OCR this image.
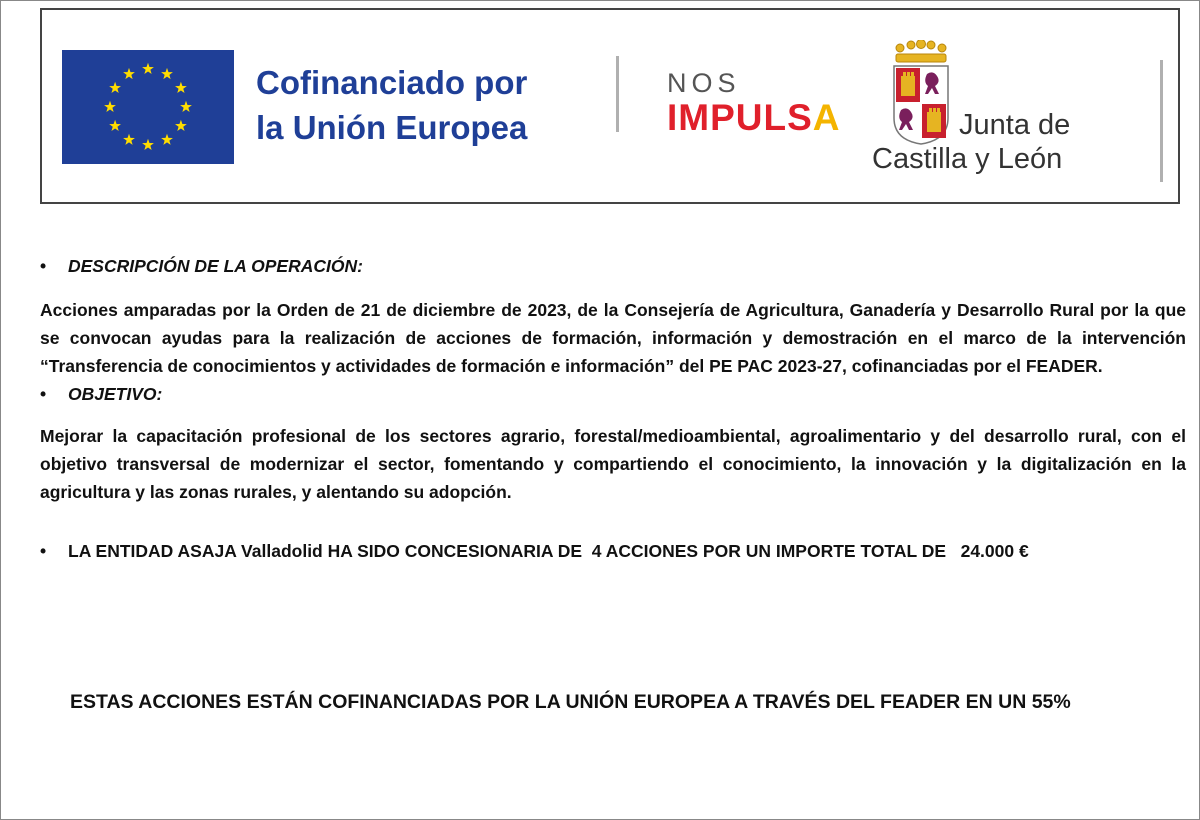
Cofinanciado por
la Unión Europea
NOS
IMPULSA	Junta de
Castilla y León
•	DESCRIPCIÓN DE LA OPERACIÓN:

Acciones amparadas por la Orden de 21 de diciembre de 2023, de la Consejería de Agricultura, Ganadería y Desarrollo Rural por la que se convocan ayudas para la realización de acciones de formación, información y demostración en el marco de la intervención “Transferencia de conocimientos y actividades de formación e información” del PE PAC 2023-27, cofinanciadas por el FEADER.

•	OBJETIVO:

Mejorar la capacitación profesional de los sectores agrario, forestal/medioambiental, agroalimentario y del desarrollo rural, con el objetivo transversal de modernizar el sector, fomentando y compartiendo el conocimiento, la innovación y la digitalización en la agricultura y las zonas rurales, y alentando su adopción.

•

	LA ENTIDAD ASAJA Valladolid HA SIDO CONCESIONARIA DE  4 ACCIONES POR UN IMPORTE TOTAL DE   24.000 €

ESTAS ACCIONES ESTÁN COFINANCIADAS POR LA UNIÓN EUROPEA A TRAVÉS DEL FEADER EN UN 55%
